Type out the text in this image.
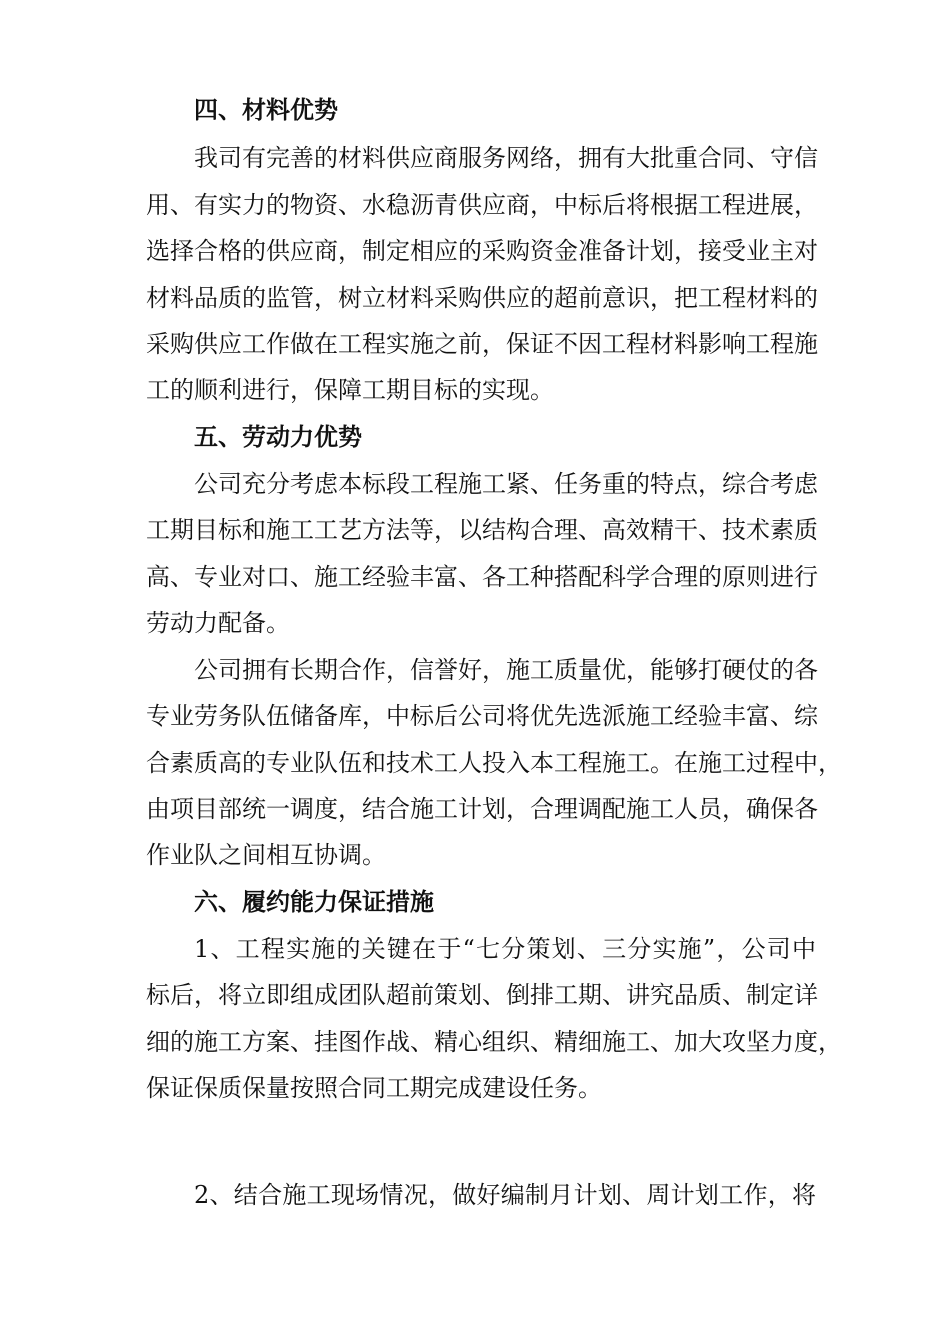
四、材料优势
我司有完善的材料供应商服务网络，拥有大批重合同、守信
用、有实力的物资、水稳沥青供应商，中标后将根据工程进展，
选择合格的供应商，制定相应的采购资金准备计划，接受业主对
材料品质的监管，树立材料采购供应的超前意识，把工程材料的
采购供应工作做在工程实施之前，保证不因工程材料影响工程施
工的顺利进行，保障工期目标的实现。
五、劳动力优势
公司充分考虑本标段工程施工紧、任务重的特点，综合考虑
工期目标和施工工艺方法等，以结构合理、高效精干、技术素质
高、专业对口、施工经验丰富、各工种搭配科学合理的原则进行
劳动力配备。
公司拥有长期合作，信誉好，施工质量优，能够打硬仗的各
专业劳务队伍储备库，中标后公司将优先选派施工经验丰富、综
合素质高的专业队伍和技术工人投入本工程施工。在施工过程中，
由项目部统一调度，结合施工计划，合理调配施工人员，确保各
作业队之间相互协调。
六、履约能力保证措施
1、工程实施的关键在于“七分策划、三分实施”，公司中
标后，将立即组成团队超前策划、倒排工期、讲究品质、制定详
细的施工方案、挂图作战、精心组织、精细施工、加大攻坚力度，
保证保质保量按照合同工期完成建设任务。
2、结合施工现场情况，做好编制月计划、周计划工作，将
